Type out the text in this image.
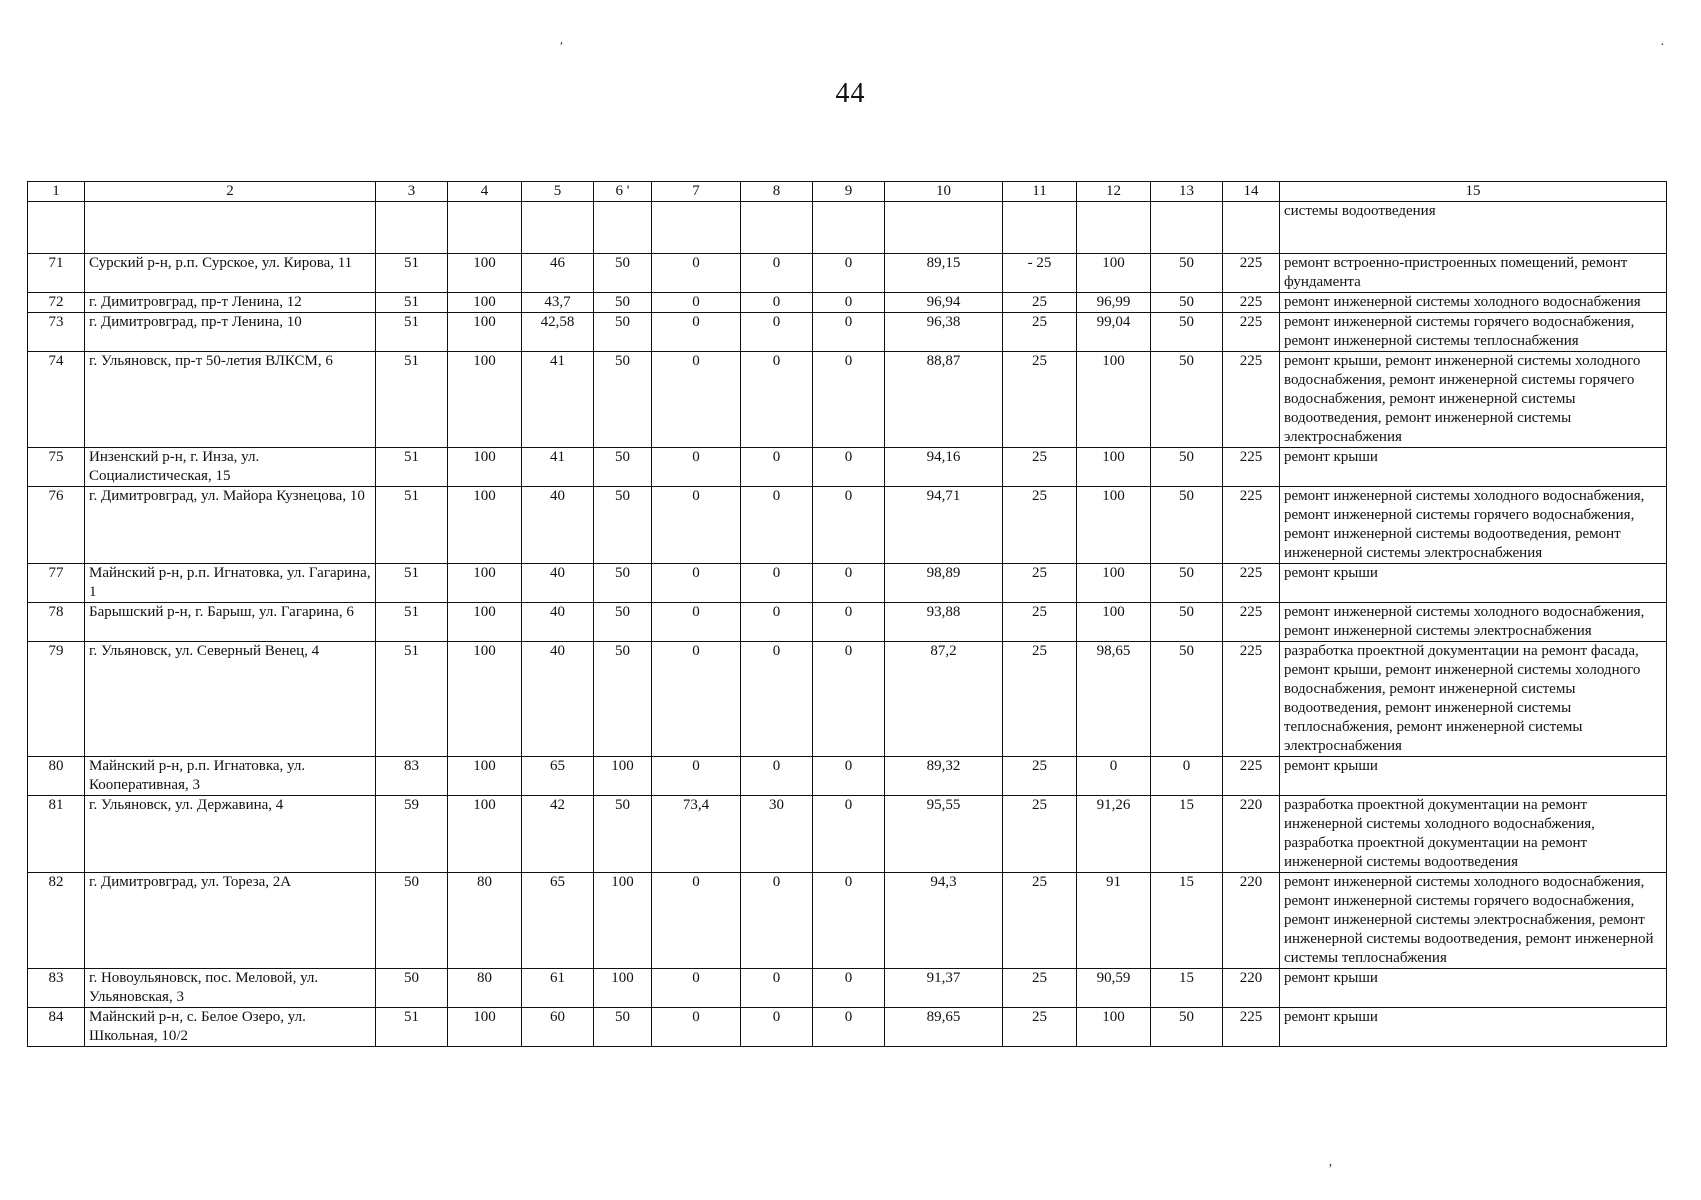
′	·
’
44
1	2	3	4	5	6 '	7	8	9	10	11	12	13	14	15
														системы водоотведения
71	Сурский р-н, р.п. Сурское, ул. Кирова, 11	51	100	46	50	0	0	0	89,15	- 25	100	50	225	ремонт встроенно-пристроенных помещений, ремонт фундамента
72	г. Димитровград, пр-т Ленина, 12	51	100	43,7	50	0	0	0	96,94	25	96,99	50	225	ремонт инженерной системы холодного водоснабжения
73	г. Димитровград, пр-т Ленина, 10	51	100	42,58	50	0	0	0	96,38	25	99,04	50	225	ремонт инженерной системы горячего водоснабжения, ремонт инженерной системы теплоснабжения
74	г. Ульяновск, пр-т 50-летия ВЛКСМ, 6	51	100	41	50	0	0	0	88,87	25	100	50	225	ремонт крыши, ремонт инженерной системы холодного водоснабжения, ремонт инженерной системы горячего водоснабжения, ремонт инженерной системы водоотведения, ремонт инженерной системы электроснабжения
75	Инзенский р-н, г. Инза, ул. Социалистическая, 15	51	100	41	50	0	0	0	94,16	25	100	50	225	ремонт крыши
76	г. Димитровград, ул. Майора Кузнецова, 10	51	100	40	50	0	0	0	94,71	25	100	50	225	ремонт инженерной системы холодного водоснабжения, ремонт инженерной системы горячего водоснабжения, ремонт инженерной системы водоотведения, ремонт инженерной системы электроснабжения
77	Майнский р-н, р.п. Игнатовка, ул. Гагарина, 1	51	100	40	50	0	0	0	98,89	25	100	50	225	ремонт крыши
78	Барышский р-н, г. Барыш, ул. Гагарина, 6	51	100	40	50	0	0	0	93,88	25	100	50	225	ремонт инженерной системы холодного водоснабжения, ремонт инженерной системы электроснабжения
79	г. Ульяновск, ул. Северный Венец, 4	51	100	40	50	0	0	0	87,2	25	98,65	50	225	разработка проектной документации на ремонт фасада, ремонт крыши, ремонт инженерной системы холодного водоснабжения, ремонт инженерной системы водоотведения, ремонт инженерной системы теплоснабжения, ремонт инженерной системы электроснабжения
80	Майнский р-н, р.п. Игнатовка, ул. Кооперативная, 3	83	100	65	100	0	0	0	89,32	25	0	0	225	ремонт крыши
81	г. Ульяновск, ул. Державина, 4	59	100	42	50	73,4	30	0	95,55	25	91,26	15	220	разработка проектной документации на ремонт инженерной системы холодного водоснабжения, разработка проектной документации на ремонт инженерной системы водоотведения
82	г. Димитровград, ул. Тореза, 2А	50	80	65	100	0	0	0	94,3	25	91	15	220	ремонт инженерной системы холодного водоснабжения, ремонт инженерной системы горячего водоснабжения, ремонт инженерной системы электроснабжения, ремонт инженерной системы водоотведения, ремонт инженерной системы теплоснабжения
83	г. Новоульяновск, пос. Меловой, ул. Ульяновская, 3	50	80	61	100	0	0	0	91,37	25	90,59	15	220	ремонт крыши
84	Майнский р-н, с. Белое Озеро, ул. Школьная, 10/2	51	100	60	50	0	0	0	89,65	25	100	50	225	ремонт крыши
